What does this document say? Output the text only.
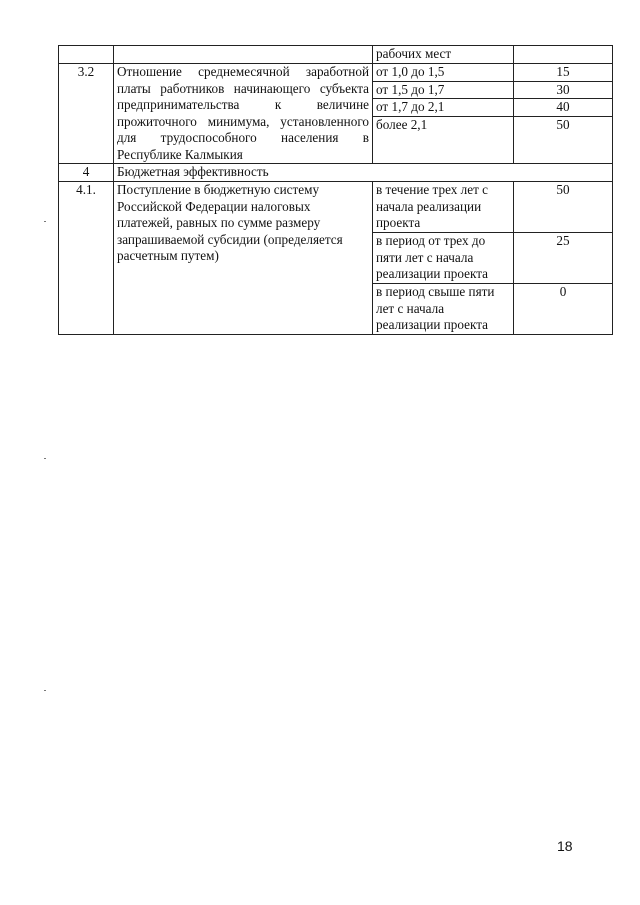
		рабочих мест	
3.2	Отношение среднемесячной заработной платы работников начинающего субъекта предпринимательства к величине прожиточного минимума, установленного для трудоспособного населения в Республике Калмыкия	от 1,0 до 1,5	15
		от 1,5 до 1,7	30
		от 1,7 до 2,1	40
		более 2,1	50
4	Бюджетная эффективность		
4.1.	Поступление в бюджетную систему Российской Федерации налоговых платежей, равных по сумме размеру запрашиваемой субсидии (определяется расчетным путем)	в течение трех лет с начала реализации проекта	50
		в период от трех до пяти лет с начала реализации проекта	25
		в период свыше пяти лет с начала реализации проекта	0
18
